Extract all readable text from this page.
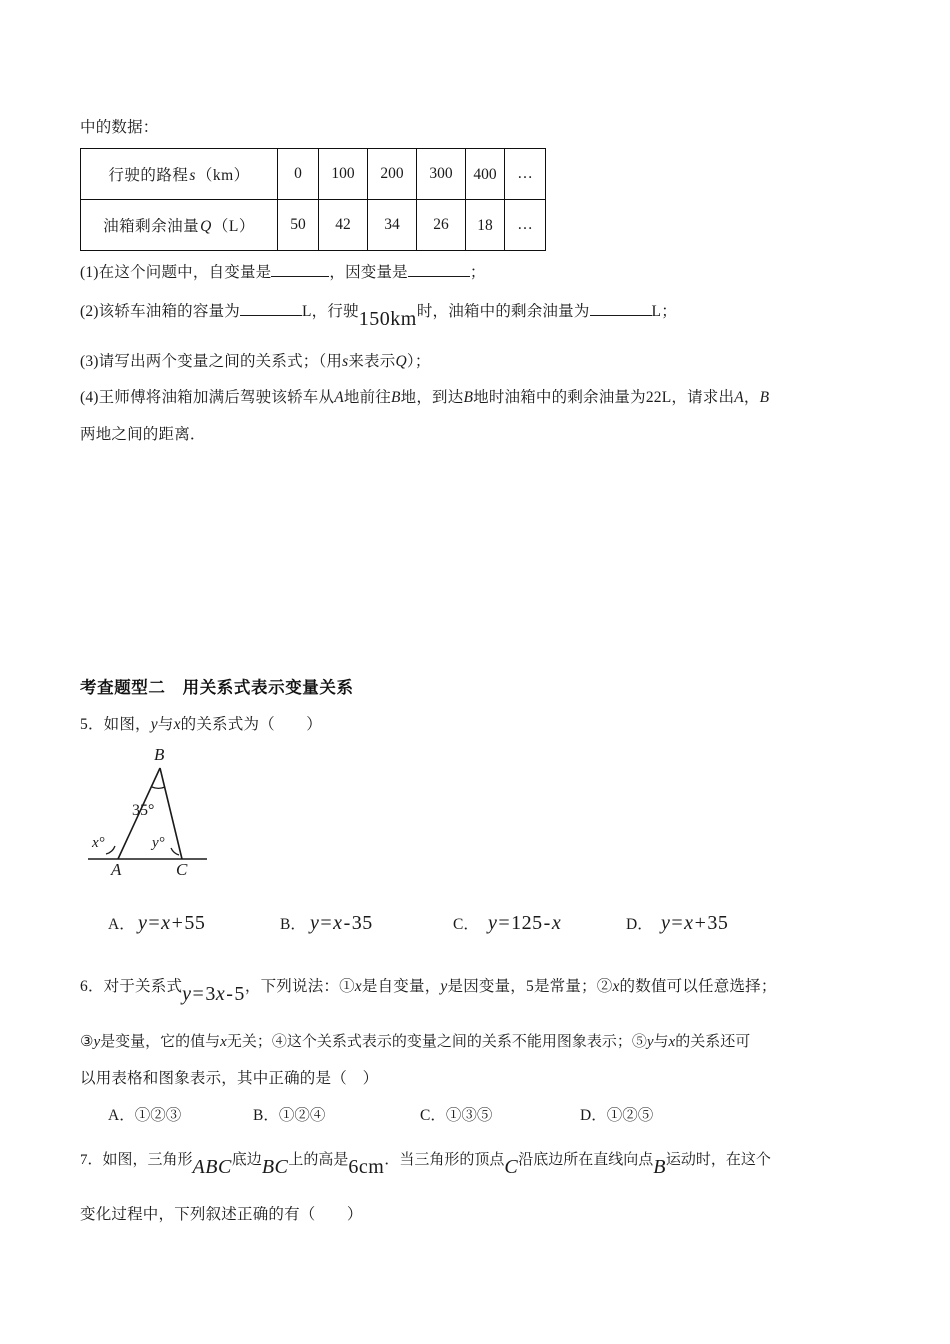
中的数据：
行驶的路程s（km）	0	100	200	300	400	…
油箱剩余油量Q（L）	50	42	34	26	18	…
(1)在这个问题中，自变量是	，因变量是	；
(2)该轿车油箱的容量为	L，行驶150km时，油箱中的剩余油量为	L；
(3)请写出两个变量之间的关系式；（用s来表示Q）；
(4)王师傅将油箱加满后驾驶该轿车从A地前往B地，到达B地时油箱中的剩余油量为22L，请求出A，B
两地之间的距离．
考查题型二　用关系式表示变量关系
5．如图，y与x的关系式为（　　）
B
A	C
35°
x°	y°
A． y=x+55	B． y=x-35	C． y=125-x	D． y=x+35
6．对于关系式y=3x-5，下列说法：①x是自变量，y是因变量，5是常量；②x的数值可以任意选择；
③y是变量，它的值与x无关；④这个关系式表示的变量之间的关系不能用图象表示；⑤y与x的关系还可
以用表格和图象表示，其中正确的是（　）
A．①②③	B．①②④	C．①③⑤	D．①②⑤
7．如图，三角形ABC底边BC上的高是6cm．当三角形的顶点C沿底边所在直线向点B运动时，在这个
变化过程中，下列叙述正确的有（　　）
